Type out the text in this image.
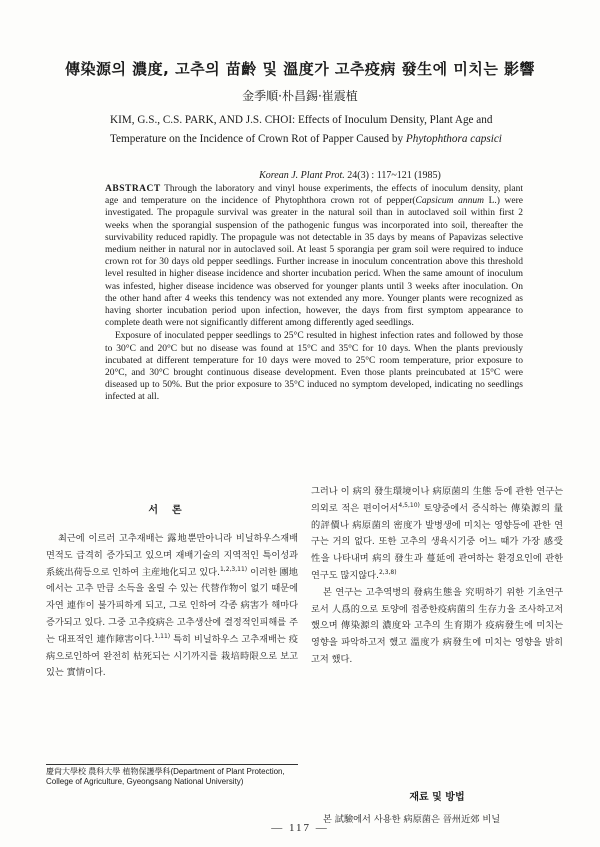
傳染源의 濃度, 고추의 苗齡 및 溫度가 고추疫病 發生에 미치는 影響
金季順·朴昌錫·崔震植
KIM, G.S., C.S. PARK, AND J.S. CHOI: Effects of Inoculum Density, Plant Age and Temperature on the Incidence of Crown Rot of Papper Caused by Phytophthora capsici
Korean J. Plant Prot. 24(3) : 117~121 (1985)

ABSTRACT Through the laboratory and vinyl house experiments, the effects of inoculum density, plant age and temperature on the incidence of Phytophthora crown rot of pepper(Capsicum annum L.) were investigated. The propagule survival was greater in the natural soil than in autoclaved soil within first 2 weeks when the sporangial suspension of the pathogenic fungus was incorporated into soil, thereafter the survivability reduced rapidly. The propagule was not detectable in 35 days by means of Papavizas selective medium neither in natural nor in autoclaved soil. At least 5 sporangia per gram soil were required to induce crown rot for 30 days old pepper seedlings. Further increase in inoculum concentration above this threshold level resulted in higher disease incidence and shorter incubation pericd. When the same amount of inoculum was infested, higher disease incidence was observed for younger plants until 3 weeks after inoculation. On the other hand after 4 weeks this tendency was not extended any more. Younger plants were recognized as having shorter incubation period upon infection, however, the days from first symptom appearance to complete death were not significantly different among differently aged seedlings.

Exposure of inoculated pepper seedlings to 25°C resulted in highest infection rates and followed by those to 30°C and 20°C but no disease was found at 15°C and 35°C for 10 days. When the plants previously incubated at different temperature for 10 days were moved to 25°C room temperature, prior exposure to 20°C, and 30°C brought continuous disease development. Even those plants preincubated at 15°C were diseased up to 50%. But the prior exposure to 35°C induced no symptom developed, indicating no seedlings infected at all.

서론

최근에 이르러 고추재배는 露地뿐만아니라 비닐하우스재배면적도 급격히 증가되고 있으며 재배기술의 지역적인 특이성과 系統出荷등으로 인하여 主産地化되고 있다.$^{1,2,3,11)}$ 이러한 團地에서는 고추 만큼 소득을 올릴 수 있는 代替作物이 없기 때문에 자연 連作이 불가피하게 되고, 그로 인하여 각종 病害가 해마다 증가되고 있다. 그중 고추疫病은 고추생산에 결정적인피해를 주는 대표적인 連作障害이다.$^{1,11)}$ 특히 비닐하우스 고추재배는 疫病으로인하여 완전히 枯死되는 시기까지를 栽培時限으로 보고 있는 實情이다.

慶尙大學校 農科大學 植物保護學科(Department of Plant Protection, College of Agriculture, Gyeongsang National University)

그러나 이 病의 發生環境이나 病原菌의 生態 등에 관한 연구는 의외로 적은 편이어서$^{4,5,10)}$ 토양중에서 증식하는 傳染源의 量的評價나 病原菌의 密度가 발병생에 미치는 영향등에 관한 연구는 거의 없다. 또한 고추의 생육시기중 어느 때가 가장 感受性을 나타내며 病의 發生과 蔓延에 관여하는 환경요인에 관한 연구도 많지않다.$^{2,3,8)}$

본 연구는 고추역병의 發病生態을 究明하기 위한 기초연구로서 人爲的으로 토양에 접종한疫病菌의 生存力을 조사하고저 했으며 傳染源의 濃度와 고추의 生育期가 疫病發生에 미치는영향을 파악하고저 했고 溫度가 病發生에 미치는 영향을 밝히고저 했다.

재료 및 방법

본 試驗에서 사용한 病原菌은 晉州近郊 비닐

— 117 —
